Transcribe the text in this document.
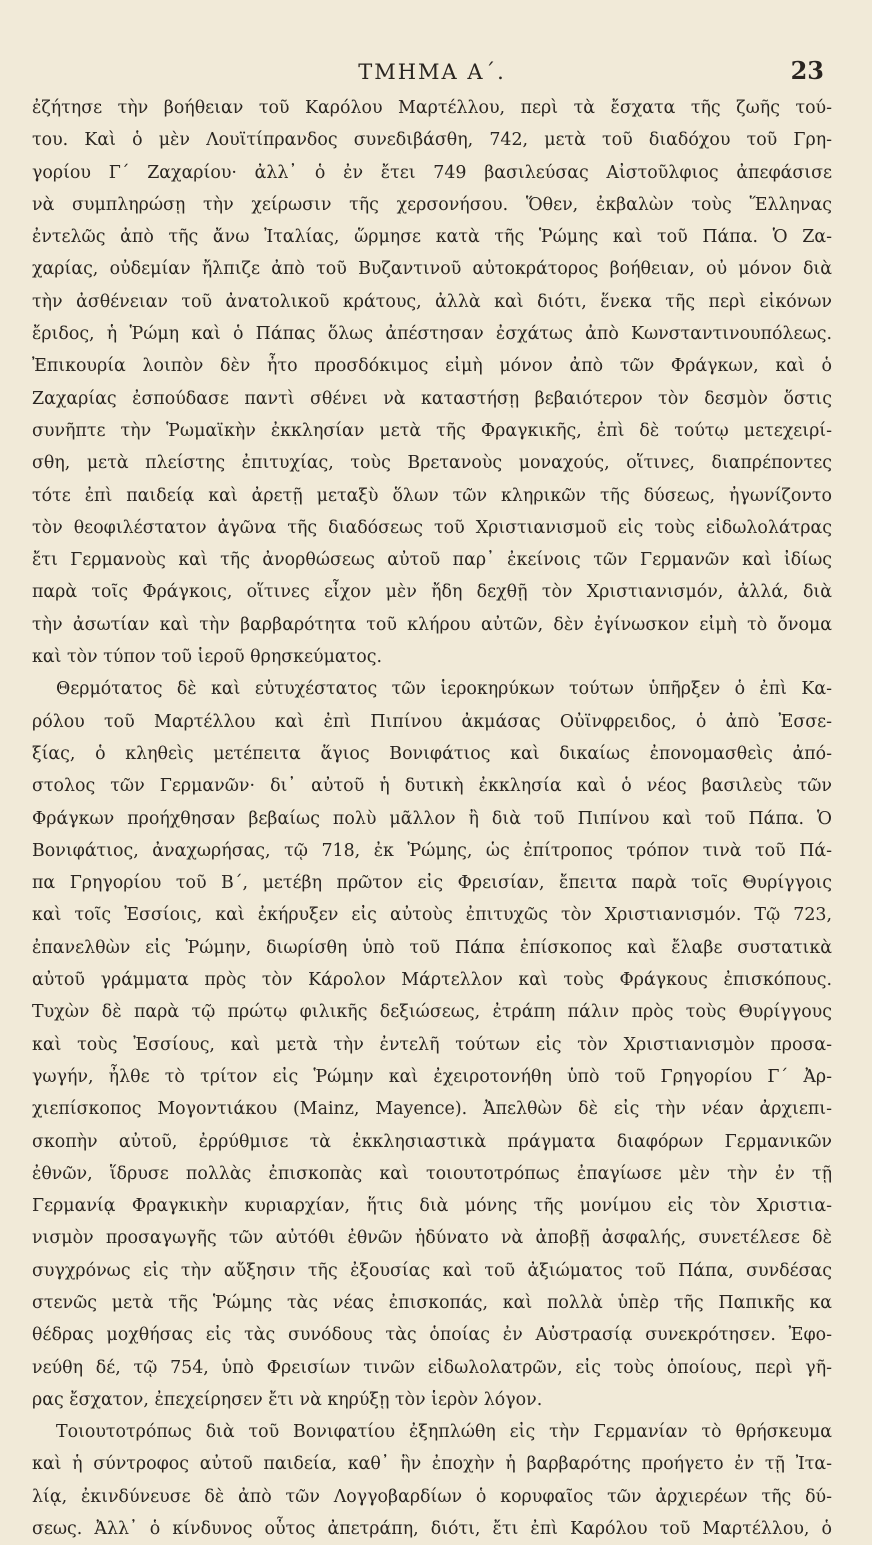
ΤΜΗΜΑ Α΄.	23
ἐζήτησε τὴν βοήθειαν τοῦ Καρόλου Μαρτέλλου, περὶ τὰ ἔσχατα τῆς ζωῆς τού-
του. Καὶ ὁ μὲν Λουϊτίπρανδος συνεδιβάσθη, 742, μετὰ τοῦ διαδόχου τοῦ Γρη-
γορίου Γ΄ Ζαχαρίου· ἀλλ᾽ ὁ ἐν ἔτει 749 βασιλεύσας Αἰστοῦλφιος ἀπεφάσισε
νὰ συμπληρώσῃ τὴν χείρωσιν τῆς χερσονήσου. Ὅθεν, ἐκβαλὼν τοὺς Ἕλληνας
ἐντελῶς ἀπὸ τῆς ἄνω Ἰταλίας, ὥρμησε κατὰ τῆς Ῥώμης καὶ τοῦ Πάπα. Ὁ Ζα-
χαρίας, οὐδεμίαν ἤλπιζε ἀπὸ τοῦ Βυζαντινοῦ αὐτοκράτορος βοήθειαν, οὐ μόνον διὰ
τὴν ἀσθένειαν τοῦ ἀνατολικοῦ κράτους, ἀλλὰ καὶ διότι, ἕνεκα τῆς περὶ εἰκόνων
ἔριδος, ἡ Ῥώμη καὶ ὁ Πάπας ὅλως ἀπέστησαν ἐσχάτως ἀπὸ Κωνσταντινουπόλεως.
Ἐπικουρία λοιπὸν δὲν ἦτο προσδόκιμος εἰμὴ μόνον ἀπὸ τῶν Φράγκων, καὶ ὁ
Ζαχαρίας ἐσπούδασε παντὶ σθένει νὰ καταστήσῃ βεβαιότερον τὸν δεσμὸν ὅστις
συνῆπτε τὴν Ῥωμαϊκὴν ἐκκλησίαν μετὰ τῆς Φραγκικῆς, ἐπὶ δὲ τούτῳ μετεχειρί-
σθη, μετὰ πλείστης ἐπιτυχίας, τοὺς Βρετανοὺς μοναχούς, οἵτινες, διαπρέποντες
τότε ἐπὶ παιδείᾳ καὶ ἀρετῇ μεταξὺ ὅλων τῶν κληρικῶν τῆς δύσεως, ἠγωνίζοντο
τὸν θεοφιλέστατον ἀγῶνα τῆς διαδόσεως τοῦ Χριστιανισμοῦ εἰς τοὺς εἰδωλολάτρας
ἔτι Γερμανοὺς καὶ τῆς ἀνορθώσεως αὐτοῦ παρ᾽ ἐκείνοις τῶν Γερμανῶν καὶ ἰδίως
παρὰ τοῖς Φράγκοις, οἵτινες εἶχον μὲν ἤδη δεχθῇ τὸν Χριστιανισμόν, ἀλλά, διὰ
τὴν ἀσωτίαν καὶ τὴν βαρβαρότητα τοῦ κλήρου αὐτῶν, δὲν ἐγίνωσκον εἰμὴ τὸ ὄνομα
καὶ τὸν τύπον τοῦ ἱεροῦ θρησκεύματος.
Θερμότατος δὲ καὶ εὐτυχέστατος τῶν ἱεροκηρύκων τούτων ὑπῆρξεν ὁ ἐπὶ Κα-
ρόλου τοῦ Μαρτέλλου καὶ ἐπὶ Πιπίνου ἀκμάσας Οὐϊνφρειδος, ὁ ἀπὸ Ἐσσε-
ξίας, ὁ κληθεὶς μετέπειτα ἅγιος Βονιφάτιος καὶ δικαίως ἐπονομασθεὶς ἀπό-
στολος τῶν Γερμανῶν· δι᾽ αὐτοῦ ἡ δυτικὴ ἐκκλησία καὶ ὁ νέος βασιλεὺς τῶν
Φράγκων προήχθησαν βεβαίως πολὺ μᾶλλον ἢ διὰ τοῦ Πιπίνου καὶ τοῦ Πάπα. Ὁ
Βονιφάτιος, ἀναχωρήσας, τῷ 718, ἐκ Ῥώμης, ὡς ἐπίτροπος τρόπον τινὰ τοῦ Πά-
πα Γρηγορίου τοῦ Β΄, μετέβη πρῶτον εἰς Φρεισίαν, ἔπειτα παρὰ τοῖς Θυρίγγοις
καὶ τοῖς Ἐσσίοις, καὶ ἐκήρυξεν εἰς αὐτοὺς ἐπιτυχῶς τὸν Χριστιανισμόν. Τῷ 723,
ἐπανελθὼν εἰς Ῥώμην, διωρίσθη ὑπὸ τοῦ Πάπα ἐπίσκοπος καὶ ἔλαβε συστατικὰ
αὐτοῦ γράμματα πρὸς τὸν Κάρολον Μάρτελλον καὶ τοὺς Φράγκους ἐπισκόπους.
Τυχὼν δὲ παρὰ τῷ πρώτῳ φιλικῆς δεξιώσεως, ἐτράπη πάλιν πρὸς τοὺς Θυρίγγους
καὶ τοὺς Ἐσσίους, καὶ μετὰ τὴν ἐντελῆ τούτων εἰς τὸν Χριστιανισμὸν προσα-
γωγήν, ἦλθε τὸ τρίτον εἰς Ῥώμην καὶ ἐχειροτονήθη ὑπὸ τοῦ Γρηγορίου Γ΄ Ἀρ-
χιεπίσκοπος Μογοντιάκου (Mainz, Mayence). Ἀπελθὼν δὲ εἰς τὴν νέαν ἀρχιεπι-
σκοπὴν αὐτοῦ, ἐρρύθμισε τὰ ἐκκλησιαστικὰ πράγματα διαφόρων Γερμανικῶν
ἐθνῶν, ἵδρυσε πολλὰς ἐπισκοπὰς καὶ τοιουτοτρόπως ἐπαγίωσε μὲν τὴν ἐν τῇ
Γερμανίᾳ Φραγκικὴν κυριαρχίαν, ἥτις διὰ μόνης τῆς μονίμου εἰς τὸν Χριστια-
νισμὸν προσαγωγῆς τῶν αὐτόθι ἐθνῶν ἠδύνατο νὰ ἀποβῇ ἀσφαλής, συνετέλεσε δὲ
συγχρόνως εἰς τὴν αὔξησιν τῆς ἐξουσίας καὶ τοῦ ἀξιώματος τοῦ Πάπα, συνδέσας
στενῶς μετὰ τῆς Ῥώμης τὰς νέας ἐπισκοπάς, καὶ πολλὰ ὑπὲρ τῆς Παπικῆς κα
θέδρας μοχθήσας εἰς τὰς συνόδους τὰς ὁποίας ἐν Αὐστρασίᾳ συνεκρότησεν. Ἐφο-
νεύθη δέ, τῷ 754, ὑπὸ Φρεισίων τινῶν εἰδωλολατρῶν, εἰς τοὺς ὁποίους, περὶ γῆ-
ρας ἔσχατον, ἐπεχείρησεν ἔτι νὰ κηρύξῃ τὸν ἱερὸν λόγον.
Τοιουτοτρόπως διὰ τοῦ Βονιφατίου ἐξηπλώθη εἰς τὴν Γερμανίαν τὸ θρήσκευμα
καὶ ἡ σύντροφος αὐτοῦ παιδεία, καθ᾽ ἣν ἐποχὴν ἡ βαρβαρότης προήγετο ἐν τῇ Ἰτα-
λίᾳ, ἐκινδύνευσε δὲ ἀπὸ τῶν Λογγοβαρδίων ὁ κορυφαῖος τῶν ἀρχιερέων τῆς δύ-
σεως. Ἀλλ᾽ ὁ κίνδυνος οὗτος ἀπετράπη, διότι, ἔτι ἐπὶ Καρόλου τοῦ Μαρτέλλου, ὁ
